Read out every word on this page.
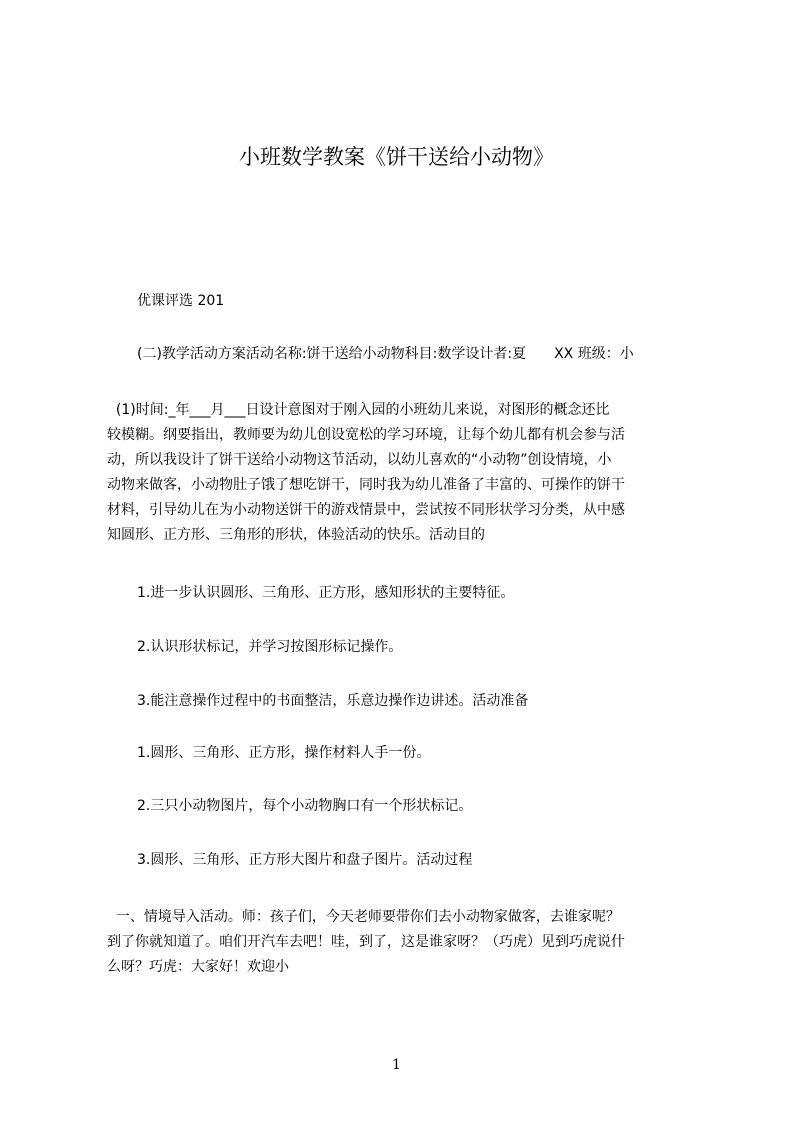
小班数学教案《饼干送给小动物》
优课评选 201
(二)教学活动方案活动名称:饼干送给小动物科目:数学设计者:夏　　XX 班级：小
(1)时间:_年___月___日设计意图对于刚入园的小班幼儿来说，对图形的概念还比
较模糊。纲要指出，教师要为幼儿创设宽松的学习环境，让每个幼儿都有机会参与活
动，所以我设计了饼干送给小动物这节活动，以幼儿喜欢的“小动物”创设情境，小
动物来做客，小动物肚子饿了想吃饼干，同时我为幼儿准备了丰富的、可操作的饼干
材料，引导幼儿在为小动物送饼干的游戏情景中，尝试按不同形状学习分类，从中感
知圆形、正方形、三角形的形状，体验活动的快乐。活动目的
1.进一步认识圆形、三角形、正方形，感知形状的主要特征。
2.认识形状标记，并学习按图形标记操作。
3.能注意操作过程中的书面整洁，乐意边操作边讲述。活动准备
1.圆形、三角形、正方形，操作材料人手一份。
2.三只小动物图片，每个小动物胸口有一个形状标记。
3.圆形、三角形、正方形大图片和盘子图片。活动过程
一、情境导入活动。师：孩子们，今天老师要带你们去小动物家做客，去谁家呢？
到了你就知道了。咱们开汽车去吧！哇，到了，这是谁家呀？（巧虎）见到巧虎说什
么呀？巧虎：大家好！欢迎小
1
